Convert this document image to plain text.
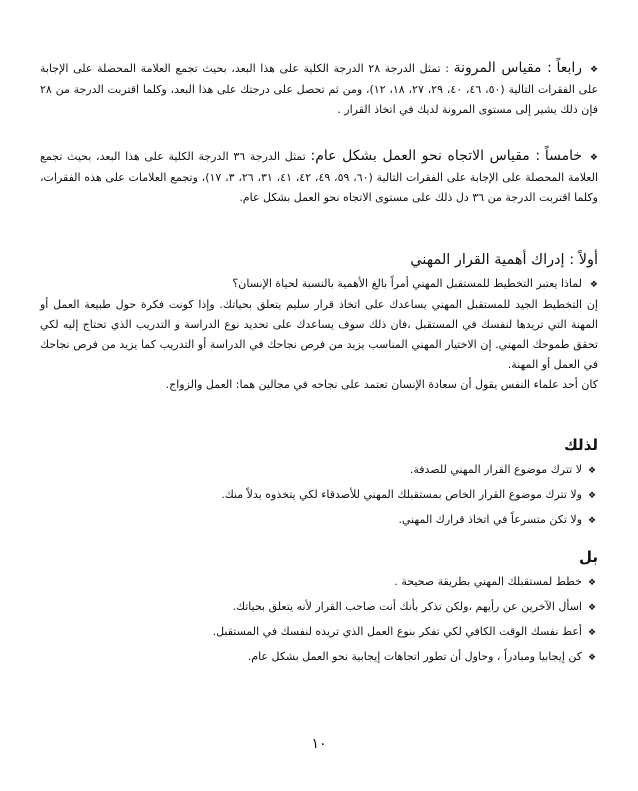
❖رابعاً : مقياس المرونة : تمثل الدرجة ٢٨ الدرجة الكلية على هذا البعد، بحيث تجمع العلامة المحصلة على الإجابة على الفقرات التالية (٥٠، ٤٦، ٤٠، ٢٩، ٢٧، ١٨، ١٢)، ومن ثم تحصل على درجتك على هذا البعد، وكلما اقتربت الدرجة من ٢٨ فإن ذلك يشير إلى مستوى المرونة لديك في اتخاذ القرار .

❖خامساً : مقياس الاتجاه نحو العمل بشكل عام: تمثل الدرجة ٣٦ الدرجة الكلية على هذا البعد، بحيث تجمع العلامة المحصلة على الإجابة على الفقرات التالية (٦٠، ٥٩، ٤٩، ٤٢، ٤١، ٣١، ٢٦، ٣، ١٧)، وتجمع العلامات على هذه الفقرات، وكلما اقتربت الدرجة من ٣٦ دل ذلك على مستوى الاتجاه نحو العمل بشكل عام.

أولاً : إدراك أهمية القرار المهني

❖لماذا يعتبر التخطيط للمستقبل المهني أمراً بالغ الأهمية بالنسبة لحياة الإنسان؟

إن التخطيط الجيد للمستقبل المهني يساعدك على اتخاذ قرار سليم يتعلق بحياتك. وإذا كونت فكرة حول طبيعة العمل أو المهنة التي تريدها لنفسك في المستقبل ،فان ذلك سوف يساعدك على تحديد نوع الدراسة و التدريب الذي تحتاج إليه لكي تحقق طموحك المهني. إن الاختيار المهني المناسب يزيد من فرص نجاحك في الدراسة أو التدريب كما يزيد من فرص نجاحك في العمل أو المهنة.

كان أحد علماء النفس يقول أن سعادة الإنسان تعتمد على نجاحه في مجالين هما: العمل والزواج.

لذلك

❖لا تترك موضوع القرار المهني للصدفة.

❖ولا تترك موضوع القرار الخاص بمستقبلك المهني للأصدقاء لكي يتخذوه بدلاً منك.

❖ولا تكن متسرعاً في اتخاذ قرارك المهني.

بل

❖خطط لمستقبلك المهني بطريقة صحيحة .

❖اسأل الآخرين عن رأيهم ،ولكن تذكر بأنك أنت صاحب القرار لأنه يتعلق بحياتك.

❖أعط نفسك الوقت الكافي لكي تفكر بنوع العمل الذي تريده لنفسك في المستقبل.

❖كن إيجابيا ومبادراً ، وحاول أن تطور اتجاهات إيجابية نحو العمل بشكل عام.

١٠
